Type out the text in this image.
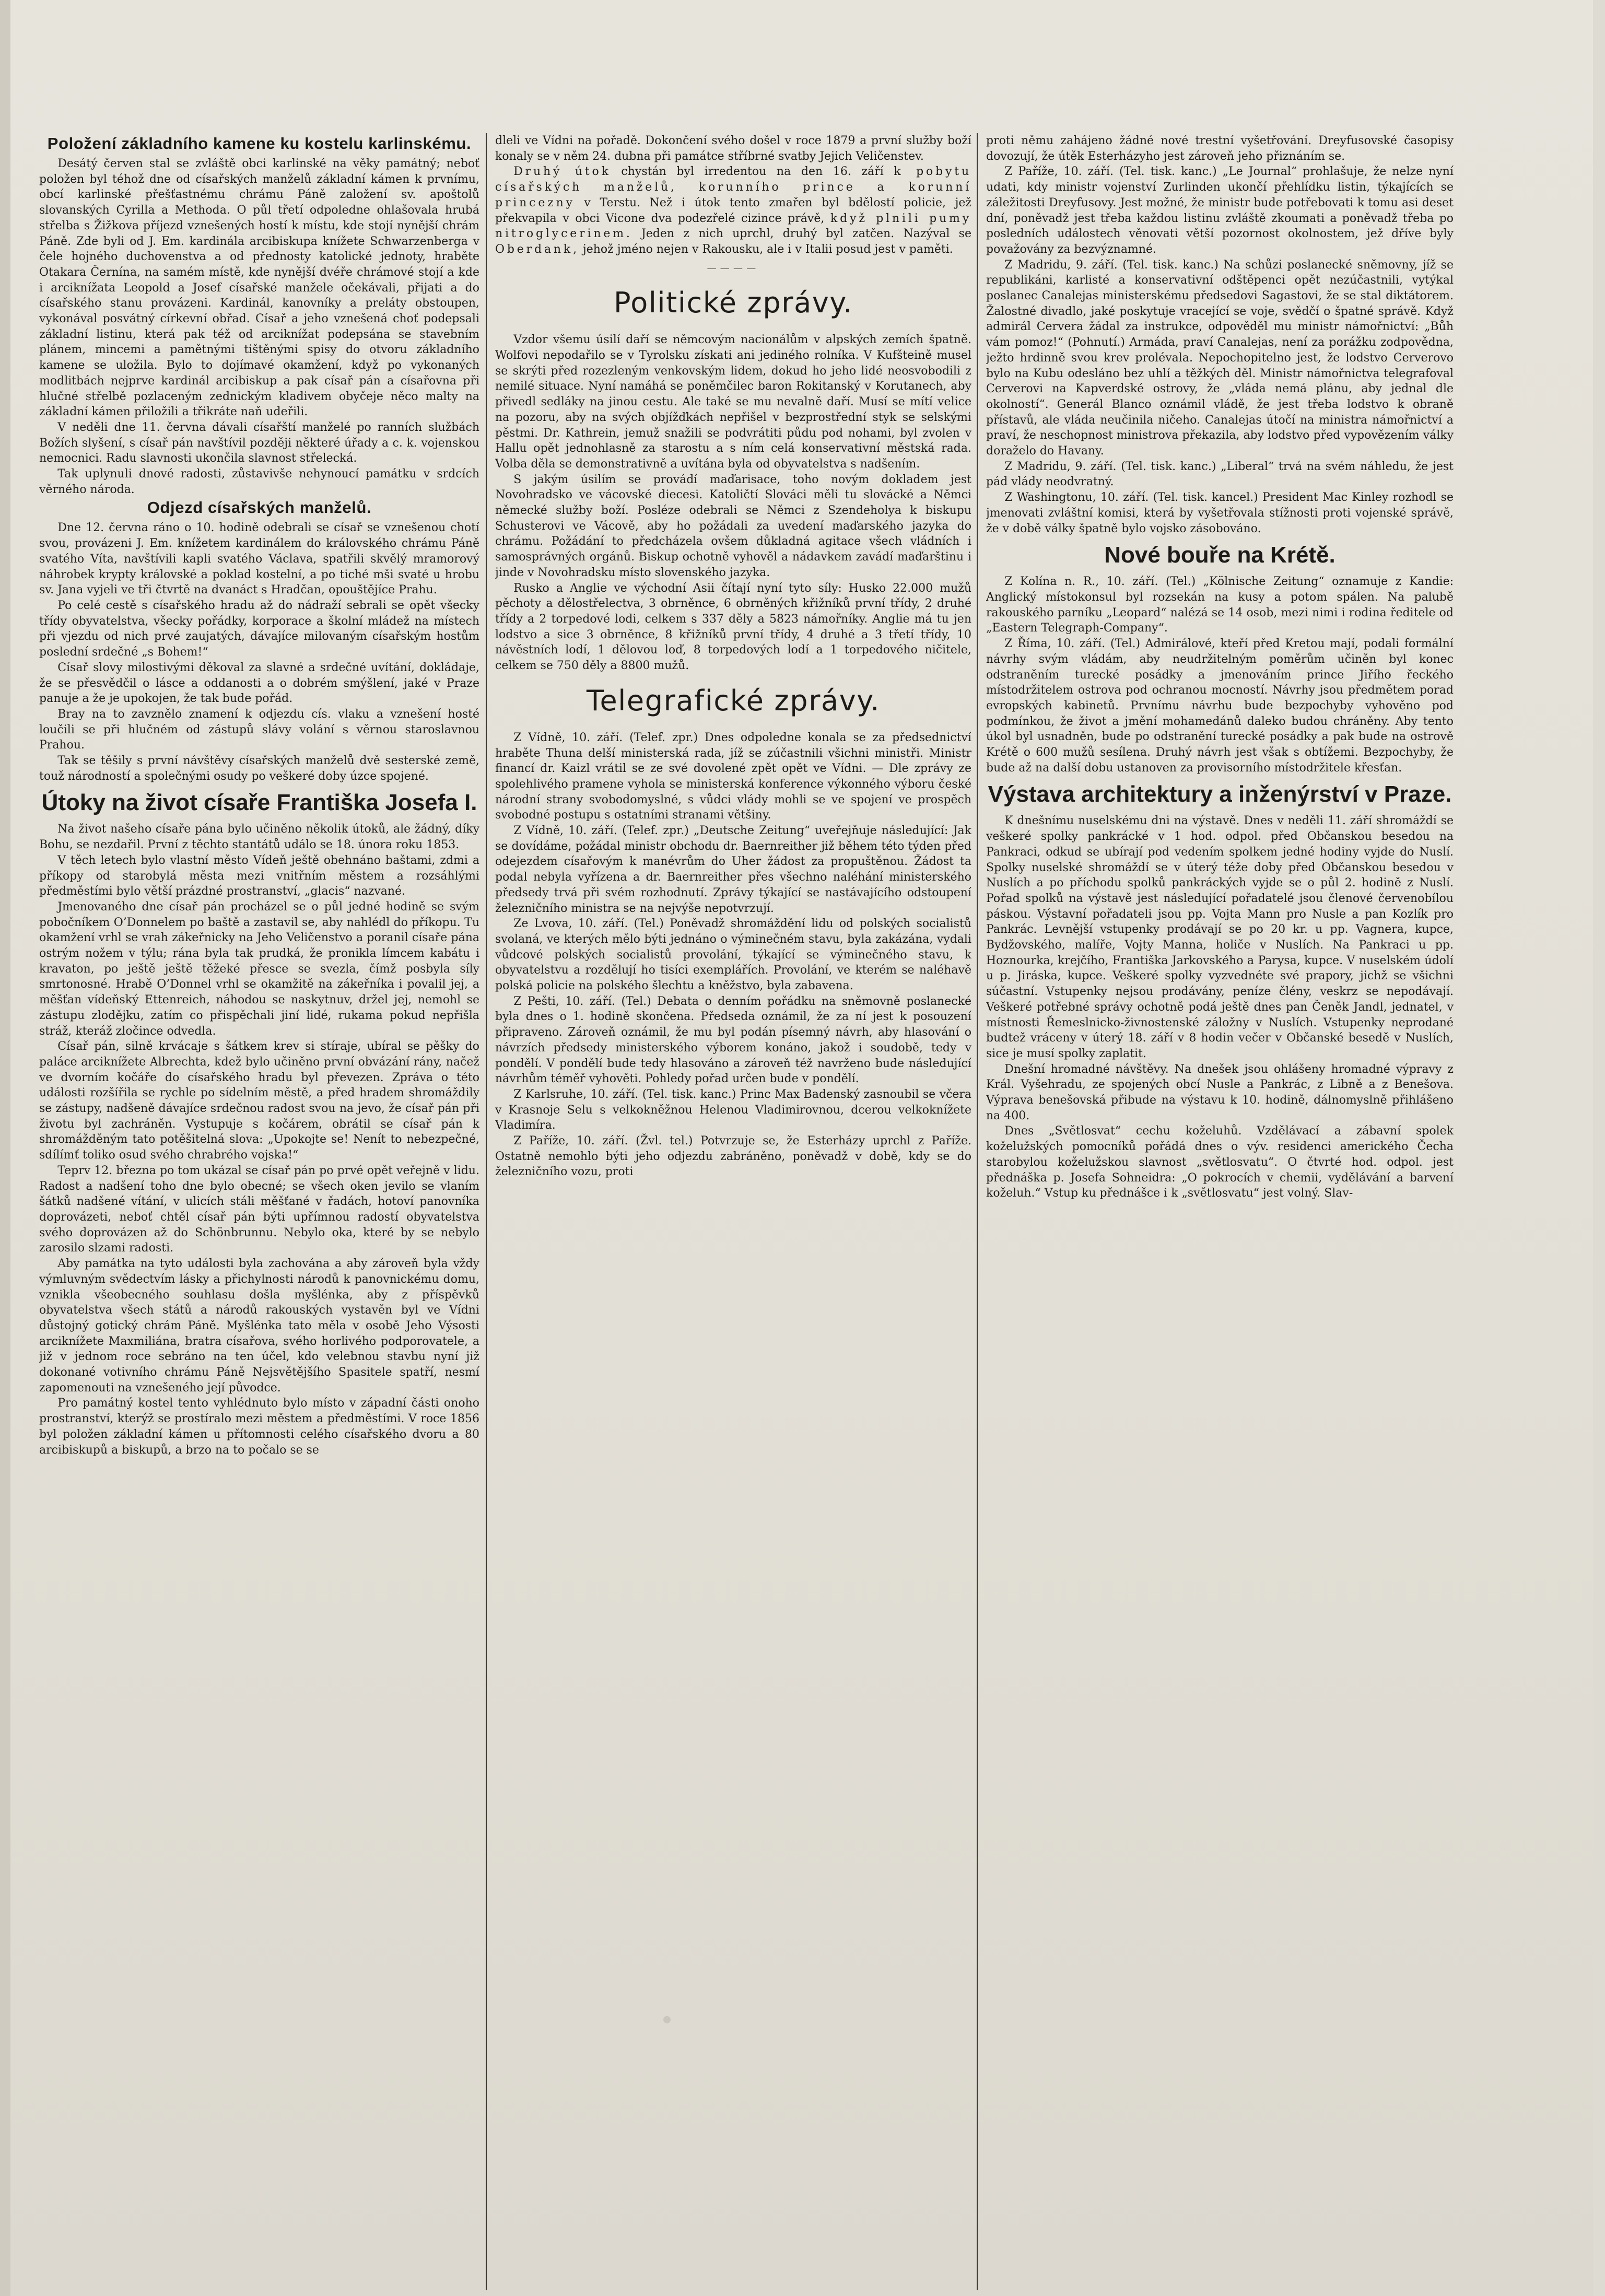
Položení základního kamene ku kostelu karlinskému.

Desátý červen stal se zvláště obci karlinské na věky památný; neboť položen byl téhož dne od císařských manželů základní kámen k prvnímu, obcí karlinské přešťastnému chrámu Páně založení sv. apoštolů slovanských Cyrilla a Methoda. O půl třetí odpoledne ohlašovala hrubá střelba s Žižkova příjezd vznešených hostí k místu, kde stojí nynější chrám Páně. Zde byli od J. Em. kardinála arcibiskupa knížete Schwarzenberga v čele hojného duchovenstva a od přednosty katolické jednoty, hraběte Otakara Černína, na samém místě, kde nynější dvéře chrámové stojí a kde i arciknížata Leopold a Josef císařské manžele očekávali, přijati a do císařského stanu provázeni. Kardinál, kanovníky a preláty obstoupen, vykonával posvátný církevní obřad. Císař a jeho vznešená choť podepsali základní listinu, která pak též od arciknížat podepsána se stavebním plánem, mincemi a pamětnými tištěnými spisy do otvoru základního kamene se uložila. Bylo to dojímavé okamžení, když po vykonaných modlitbách nejprve kardinál arcibiskup a pak císař pán a císařovna při hlučné střelbě pozlaceným zednickým kladivem obyčeje něco malty na základní kámen přiložili a třikráte naň udeřili.

V neděli dne 11. června dávali císařští manželé po ranních službách Božích slyšení, s císař pán navštívil později některé úřady a c. k. vojenskou nemocnici. Radu slavnosti ukončila slavnost střelecká.

Tak uplynuli dnové radosti, zůstavivše nehynoucí památku v srdcích věrného národa.

Odjezd císařských manželů.

Dne 12. června ráno o 10. hodině odebrali se císař se vznešenou chotí svou, provázeni J. Em. knížetem kardinálem do královského chrámu Páně svatého Víta, navštívili kapli svatého Václava, spatřili skvělý mramorový náhrobek krypty královské a poklad kostelní, a po tiché mši svaté u hrobu sv. Jana vyjeli ve tři čtvrtě na dvanáct s Hradčan, opouštějíce Prahu.

Po celé cestě s císařského hradu až do nádraží sebrali se opět všecky třídy obyvatelstva, všecky pořádky, korporace a školní mládež na místech při vjezdu od nich prvé zaujatých, dávajíce milovaným císařským hostům poslední srdečné „s Bohem!“

Císař slovy milostivými děkoval za slavné a srdečné uvítání, dokládaje, že se přesvědčil o lásce a oddanosti a o dobrém smýšlení, jaké v Praze panuje a že je upokojen, že tak bude pořád.

Bray na to zavznělo znamení k odjezdu cís. vlaku a vznešení hosté loučili se při hlučném od zástupů slávy volání s věrnou staroslavnou Prahou.

Tak se těšily s první návštěvy císařských manželů dvě sesterské země, touž národností a společnými osudy po veškeré doby úzce spojené.

Útoky na život císaře Františka Josefa I.

Na život našeho císaře pána bylo učiněno několik útoků, ale žádný, díky Bohu, se nezdařil. První z těchto stantátů událo se 18. února roku 1853.

V těch letech bylo vlastní město Vídeň ještě obehnáno baštami, zdmi a příkopy od starobylá města mezi vnitřním městem a rozsáhlými předměstími bylo větší prázdné prostranství, „glacis“ nazvané.

Jmenovaného dne císař pán procházel se o půl jedné hodině se svým pobočníkem O’Donnelem po baště a zastavil se, aby nahlédl do příkopu. Tu okamžení vrhl se vrah zákeřnicky na Jeho Veličenstvo a poranil císaře pána ostrým nožem v týlu; rána byla tak prudká, že pronikla límcem kabátu i kravaton, po ještě ještě těžeké přesce se svezla, čímž posbyla síly smrtonosné. Hrabě O’Donnel vrhl se okamžitě na zákeřníka i povalil jej, a měšťan vídeňský Ettenreich, náhodou se naskytnuv, držel jej, nemohl se zástupu zlodějku, zatím co přispěchali jiní lidé, rukama pokud nepřišla stráž, kteráž zločince odvedla.

Císař pán, silně krvácaje s šátkem krev si stíraje, ubíral se pěšky do paláce arciknížete Albrechta, kdež bylo učiněno první obvázání rány, načež ve dvorním kočáře do císařského hradu byl převezen. Zpráva o této události rozšířila se rychle po sídelním městě, a před hradem shromáždily se zástupy, nadšeně dávajíce srdečnou radost svou na jevo, že císař pán při životu byl zachráněn. Vystupuje s kočárem, obrátil se císař pán k shromážděným tato potěšitelná slova: „Upokojte se! Nenít to nebezpečné, sdílímť toliko osud svého chrabrého vojska!“

Teprv 12. března po tom ukázal se císař pán po prvé opět veřejně v lidu. Radost a nadšení toho dne bylo obecné; se všech oken jevilo se vlaním šátků nadšené vítání, v ulicích stáli měšťané v řadách, hotoví panovníka doprovázeti, neboť chtěl císař pán býti upřímnou radostí obyvatelstva svého doprovázen až do Schönbrunnu. Nebylo oka, které by se nebylo zarosilo slzami radosti.

Aby památka na tyto události byla zachována a aby zároveň byla vždy výmluvným svědectvím lásky a přichylnosti národů k panovnickému domu, vznikla všeobecného souhlasu došla myšlénka, aby z příspěvků obyvatelstva všech států a národů rakouských vystavěn byl ve Vídni důstojný gotický chrám Páně. Myšlénka tato měla v osobě Jeho Výsosti arciknížete Maxmiliána, bratra císařova, svého horlivého podporovatele, a již v jednom roce sebráno na ten účel, kdo velebnou stavbu nyní již dokonané votivního chrámu Páně Nejsvětějšího Spasitele spatří, nesmí zapomenouti na vznešeného její původce.

Pro památný kostel tento vyhlédnuto bylo místo v západní části onoho prostranství, kterýž se prostíralo mezi městem a předměstími. V roce 1856 byl položen základní kámen u přítomnosti celého císařského dvoru a 80 arcibiskupů a biskupů, a brzo na to počalo se se

dleli ve Vídni na pořadě. Dokončení svého došel v roce 1879 a první služby boží konaly se v něm 24. dubna při památce stříbrné svatby Jejich Veličenstev.

Druhý útok chystán byl irredentou na den 16. září k pobytu císařských manželů, korunního prince a korunní princezny v Terstu. Než i útok tento zmařen byl bdělostí policie, jež překvapila v obci Vicone dva podezřelé cizince právě, když plnili pumy nitroglycerinem. Jeden z nich uprchl, druhý byl zatčen. Nazýval se Oberdank, jehož jméno nejen v Rakousku, ale i v Italii posud jest v paměti.

————
Politické zprávy.

Vzdor všemu úsilí daří se němcovým nacionálům v alpských zemích špatně. Wolfovi nepodařilo se v Tyrolsku získati ani jediného rolníka. V Kufšteině musel se skrýti před rozezleným venkovským lidem, dokud ho jeho lidé neosvobodili z nemilé situace. Nyní namáhá se poněmčilec baron Rokitanský v Korutanech, aby přivedl sedláky na jinou cestu. Ale také se mu nevalně daří. Musí se mítí velice na pozoru, aby na svých objížďkách nepřišel v bezprostřední styk se selskými pěstmi. Dr. Kathrein, jemuž snažili se podvrátiti půdu pod nohami, byl zvolen v Hallu opět jednohlasně za starostu a s ním celá konservativní městská rada. Volba děla se demonstrativně a uvítána byla od obyvatelstva s nadšením.

S jakým úsilím se provádí maďarisace, toho novým dokladem jest Novohradsko ve vácovské diecesi. Katoličtí Slováci měli tu slovácké a Němci německé služby boží. Posléze odebrali se Němci z Szendeholya k biskupu Schusterovi ve Vácově, aby ho požádali za uvedení maďarského jazyka do chrámu. Požádání to předcházela ovšem důkladná agitace všech vládních i samosprávných orgánů. Biskup ochotně vyhověl a nádavkem zavádí maďarštinu i jinde v Novohradsku místo slovenského jazyka.

Rusko a Anglie ve východní Asii čítají nyní tyto síly: Husko 22.000 mužů pěchoty a dělostřelectva, 3 obrněnce, 6 obrněných křižníků první třídy, 2 druhé třídy a 2 torpedové lodi, celkem s 337 děly a 5823 námořníky. Anglie má tu jen lodstvo a sice 3 obrněnce, 8 křižníků první třídy, 4 druhé a 3 třetí třídy, 10 návěstních lodí, 1 dělovou loď, 8 torpedových lodí a 1 torpedového ničitele, celkem se 750 děly a 8800 mužů.

Telegrafické zprávy.

Z Vídně, 10. září. (Telef. zpr.) Dnes odpoledne konala se za předsednictví hraběte Thuna delší ministerská rada, jíž se zúčastnili všichni ministři. Ministr financí dr. Kaizl vrátil se ze své dovolené zpět opět ve Vídni. — Dle zprávy ze spolehlivého pramene vyhola se ministerská konference výkonného výboru české národní strany svobodomyslné, s vůdci vlády mohli se ve spojení ve prospěch svobodné postupu s ostatními stranami většiny.

Z Vídně, 10. září. (Telef. zpr.) „Deutsche Zeitung“ uveřejňuje následující: Jak se dovídáme, požádal ministr obchodu dr. Baernreither již během této týden před odejezdem císařovým k manévrům do Uher žádost za propuštěnou. Žádost ta podal nebyla vyřízena a dr. Baernreither přes všechno naléhání ministerského předsedy trvá při svém rozhodnutí. Zprávy týkající se nastávajícího odstoupení železničního ministra se na nejvýše nepotvrzují.

Ze Lvova, 10. září. (Tel.) Poněvadž shromáždění lidu od polských socialistů svolaná, ve kterých mělo býti jednáno o výminečném stavu, byla zakázána, vydali vůdcové polských socialistů provolání, týkající se výminečného stavu, k obyvatelstvu a rozdělují ho tisíci exemplářích. Provolání, ve kterém se naléhavě polská policie na polského šlechtu a kněžstvo, byla zabavena.

Z Pešti, 10. září. (Tel.) Debata o denním pořádku na sněmovně poslanecké byla dnes o 1. hodině skončena. Předseda oznámil, že za ní jest k posouzení připraveno. Zároveň oznámil, že mu byl podán písemný návrh, aby hlasování o návrzích předsedy ministerského výborem konáno, jakož i soudobě, tedy v pondělí. V pondělí bude tedy hlasováno a zároveň též navrženo bude následující návrhům téměř vyhověti. Pohledy pořad určen bude v pondělí.

Z Karlsruhe, 10. září. (Tel. tisk. kanc.) Princ Max Badenský zasnoubil se včera v Krasnoje Selu s velkokněžnou Helenou Vladimirovnou, dcerou velkoknížete Vladimíra.

Z Paříže, 10. září. (Žvl. tel.) Potvrzuje se, že Esterházy uprchl z Paříže. Ostatně nemohlo býti jeho odjezdu zabráněno, poněvadž v době, kdy se do železničního vozu, proti

proti němu zahájeno žádné nové trestní vyšetřování. Dreyfusovské časopisy dovozují, že útěk Esterházyho jest zároveň jeho přiznáním se.

Z Paříže, 10. září. (Tel. tisk. kanc.) „Le Journal“ prohlašuje, že nelze nyní udati, kdy ministr vojenství Zurlinden ukončí přehlídku listin, týkajících se záležitosti Dreyfusovy. Jest možné, že ministr bude potřebovati k tomu asi deset dní, poněvadž jest třeba každou listinu zvláště zkoumati a poněvadž třeba po posledních událostech věnovati větší pozornost okolnostem, jež dříve byly považovány za bezvýznamné.

Z Madridu, 9. září. (Tel. tisk. kanc.) Na schůzi poslanecké sněmovny, jíž se republikáni, karlisté a konservativní odštěpenci opět nezúčastnili, vytýkal poslanec Canalejas ministerskému předsedovi Sagastovi, že se stal diktátorem. Žalostné divadlo, jaké poskytuje vracející se voje, svědčí o špatné správě. Když admirál Cervera žádal za instrukce, odpověděl mu ministr námořnictví: „Bůh vám pomoz!“ (Pohnutí.) Armáda, praví Canalejas, není za porážku zodpovědna, ježto hrdinně svou krev prolévala. Nepochopitelno jest, že lodstvo Cerverovo bylo na Kubu odesláno bez uhlí a těžkých děl. Ministr námořnictva telegrafoval Cerverovi na Kapverdské ostrovy, že „vláda nemá plánu, aby jednal dle okolností“. Generál Blanco oznámil vládě, že jest třeba lodstvo k obraně přístavů, ale vláda neučinila ničeho. Canalejas útočí na ministra námořnictví a praví, že neschopnost ministrova překazila, aby lodstvo před vypovězením války doraželo do Havany.

Z Madridu, 9. září. (Tel. tisk. kanc.) „Liberal“ trvá na svém náhledu, že jest pád vlády neodvratný.

Z Washingtonu, 10. září. (Tel. tisk. kancel.) President Mac Kinley rozhodl se jmenovati zvláštní komisi, která by vyšetřovala stížnosti proti vojenské správě, že v době války špatně bylo vojsko zásobováno.

Nové bouře na Krétě.

Z Kolína n. R., 10. září. (Tel.) „Kölnische Zeitung“ oznamuje z Kandie: Anglický místokonsul byl rozsekán na kusy a potom spálen. Na palubě rakouského parníku „Leopard“ nalézá se 14 osob, mezi nimi i rodina ředitele od „Eastern Telegraph-Company“.

Z Říma, 10. září. (Tel.) Admirálové, kteří před Kretou mají, podali formální návrhy svým vládám, aby neudržitelným poměrům učiněn byl konec odstraněním turecké posádky a jmenováním prince Jiřího řeckého místodržitelem ostrova pod ochranou mocností. Návrhy jsou předmětem porad evropských kabinetů. Prvnímu návrhu bude bezpochyby vyhověno pod podmínkou, že život a jmění mohamedánů daleko budou chráněny. Aby tento úkol byl usnadněn, bude po odstranění turecké posádky a pak bude na ostrově Krétě o 600 mužů sesílena. Druhý návrh jest však s obtížemi. Bezpochyby, že bude až na další dobu ustanoven za provisorního místodržitele křesťan.

Výstava architektury a inženýrství v Praze.

K dnešnímu nuselskému dni na výstavě. Dnes v neděli 11. září shromáždí se veškeré spolky pankrácké v 1 hod. odpol. před Občanskou besedou na Pankraci, odkud se ubírají pod vedením spolkem jedné hodiny vyjde do Nuslí. Spolky nuselské shromáždí se v úterý téže doby před Občanskou besedou v Nuslích a po příchodu spolků pankráckých vyjde se o půl 2. hodině z Nuslí. Pořad spolků na výstavě jest následující pořadatelé jsou členové červenobílou páskou. Výstavní pořadateli jsou pp. Vojta Mann pro Nusle a pan Kozlík pro Pankrác. Levnější vstupenky prodávají se po 20 kr. u pp. Vagnera, kupce, Bydžovského, malíře, Vojty Manna, holiče v Nuslích. Na Pankraci u pp. Hoznourka, krejčího, Františka Jarkovského a Parysa, kupce. V nuselském údolí u p. Jiráska, kupce. Veškeré spolky vyzvednéte své prapory, jichž se všichni súčastní. Vstupenky nejsou prodávány, peníze člény, veskrz se nepodávají. Veškeré potřebné správy ochotně podá ještě dnes pan Čeněk Jandl, jednatel, v místnosti Řemeslnicko-živnostenské záložny v Nuslích. Vstupenky neprodané budtež vráceny v úterý 18. září v 8 hodin večer v Občanské besedě v Nuslích, sice je musí spolky zaplatit.

Dnešní hromadné návštěvy. Na dnešek jsou ohlášeny hromadné výpravy z Král. Vyšehradu, ze spojených obcí Nusle a Pankrác, z Libně a z Benešova. Výprava benešovská přibude na výstavu k 10. hodině, dálnomyslně přihlášeno na 400.

Dnes „Světlosvat“ cechu koželuhů. Vzdělávací a zábavní spolek koželužských pomocníků pořádá dnes o výv. residenci amerického Čecha starobylou koželužskou slavnost „světlosvatu“. O čtvrté hod. odpol. jest přednáška p. Josefa Sohneidra: „O pokrocích v chemii, vydělávání a barvení koželuh.“ Vstup ku přednášce i k „světlosvatu“ jest volný. Slav-
